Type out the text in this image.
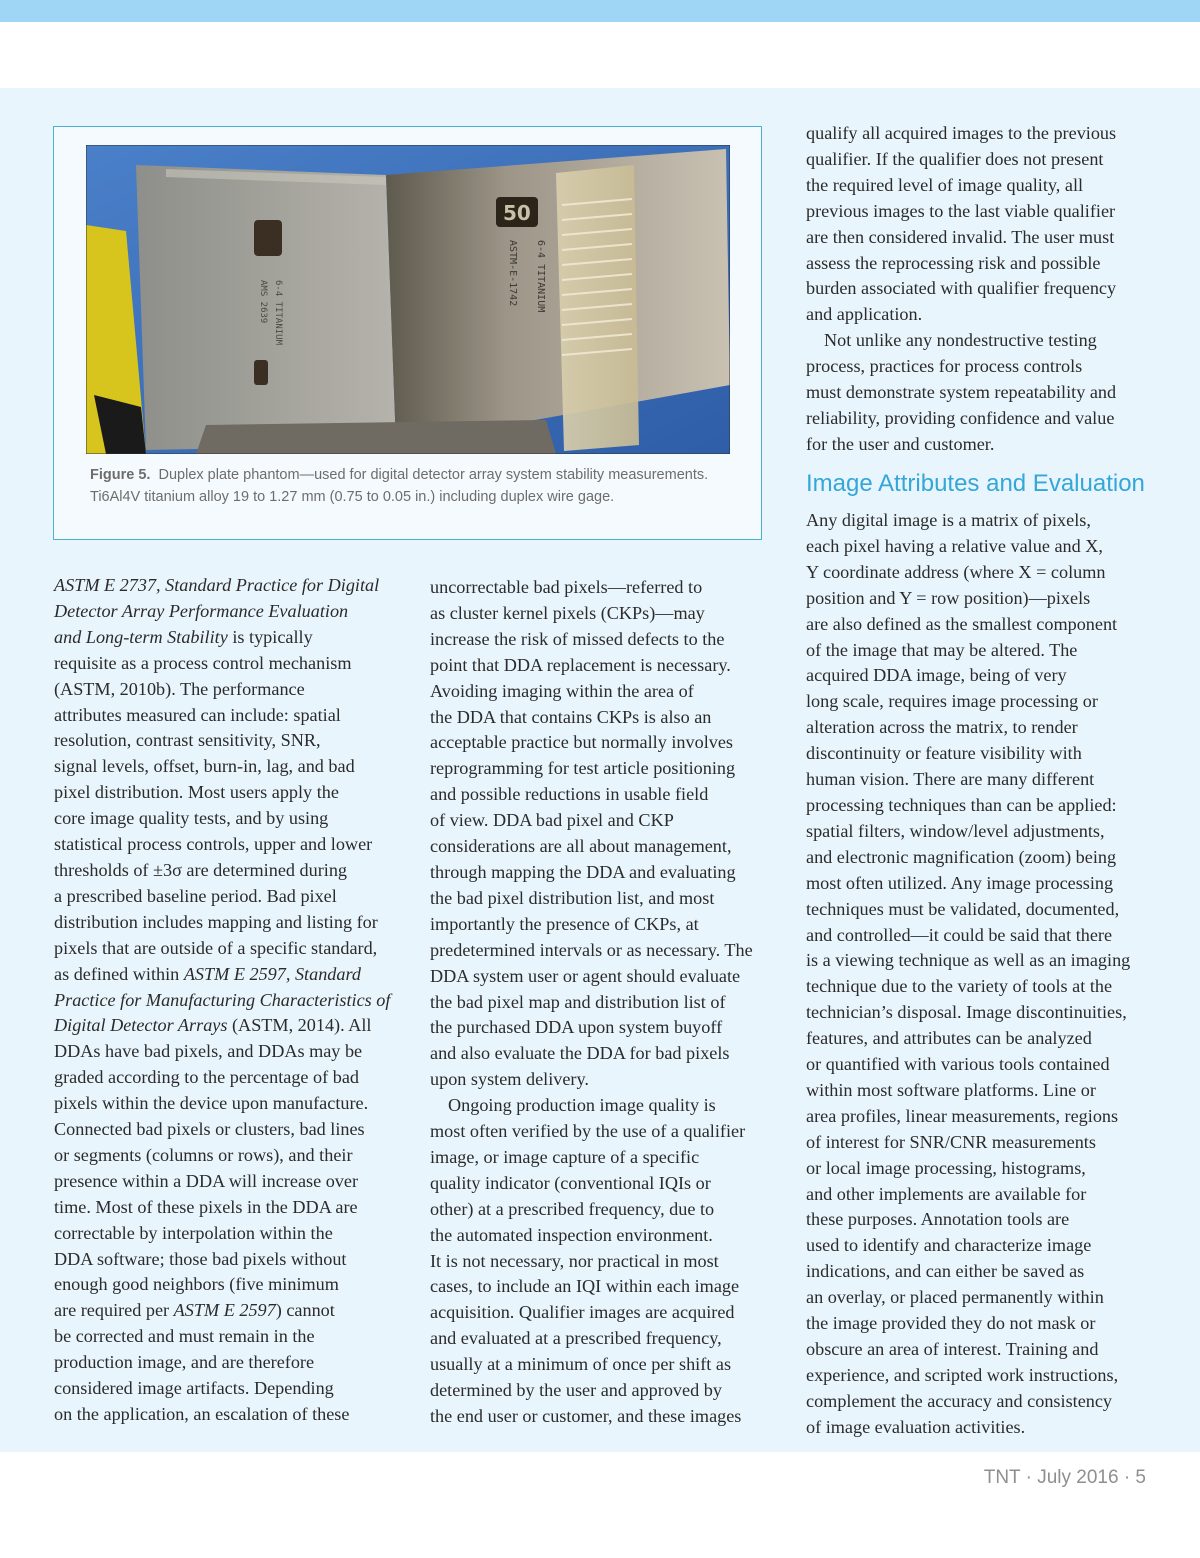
6-4 TITANIUM
AMS 2639
50
6-4 TITANIUM
ASTM-E-1742
Figure 5. Duplex plate phantom—used for digital detector array system stability measurements. Ti6Al4V titanium alloy 19 to 1.27 mm (0.75 to 0.05 in.) including duplex wire gage.
ASTM E 2737, Standard Practice for Digital
Detector Array Performance Evaluation
and Long-term Stability is typically
requisite as a process control mechanism
(ASTM, 2010b). The performance
attributes measured can include: spatial
resolution, contrast sensitivity, SNR,
signal levels, offset, burn-in, lag, and bad
pixel distribution. Most users apply the
core image quality tests, and by using
statistical process controls, upper and lower
thresholds of ±3σ are determined during
a prescribed baseline period. Bad pixel
distribution includes mapping and listing for
pixels that are outside of a specific standard,
as defined within ASTM E 2597, Standard
Practice for Manufacturing Characteristics of
Digital Detector Arrays (ASTM, 2014). All
DDAs have bad pixels, and DDAs may be
graded according to the percentage of bad
pixels within the device upon manufacture.
Connected bad pixels or clusters, bad lines
or segments (columns or rows), and their
presence within a DDA will increase over
time. Most of these pixels in the DDA are
correctable by interpolation within the
DDA software; those bad pixels without
enough good neighbors (five minimum
are required per ASTM E 2597) cannot
be corrected and must remain in the
production image, and are therefore
considered image artifacts. Depending
on the application, an escalation of these
uncorrectable bad pixels—referred to
as cluster kernel pixels (CKPs)—may
increase the risk of missed defects to the
point that DDA replacement is necessary.
Avoiding imaging within the area of
the DDA that contains CKPs is also an
acceptable practice but normally involves
reprogramming for test article positioning
and possible reductions in usable field
of view. DDA bad pixel and CKP
considerations are all about management,
through mapping the DDA and evaluating
the bad pixel distribution list, and most
importantly the presence of CKPs, at
predetermined intervals or as necessary. The
DDA system user or agent should evaluate
the bad pixel map and distribution list of
the purchased DDA upon system buyoff
and also evaluate the DDA for bad pixels
upon system delivery.
Ongoing production image quality is
most often verified by the use of a qualifier
image, or image capture of a specific
quality indicator (conventional IQIs or
other) at a prescribed frequency, due to
the automated inspection environment.
It is not necessary, nor practical in most
cases, to include an IQI within each image
acquisition. Qualifier images are acquired
and evaluated at a prescribed frequency,
usually at a minimum of once per shift as
determined by the user and approved by
the end user or customer, and these images
qualify all acquired images to the previous
qualifier. If the qualifier does not present
the required level of image quality, all
previous images to the last viable qualifier
are then considered invalid. The user must
assess the reprocessing risk and possible
burden associated with qualifier frequency
and application.
Not unlike any nondestructive testing
process, practices for process controls
must demonstrate system repeatability and
reliability, providing confidence and value
for the user and customer.
Image Attributes and Evaluation
Any digital image is a matrix of pixels,
each pixel having a relative value and X,
Y coordinate address (where X = column
position and Y = row position)—pixels
are also defined as the smallest component
of the image that may be altered. The
acquired DDA image, being of very
long scale, requires image processing or
alteration across the matrix, to render
discontinuity or feature visibility with
human vision. There are many different
processing techniques than can be applied:
spatial filters, window/level adjustments,
and electronic magnification (zoom) being
most often utilized. Any image processing
techniques must be validated, documented,
and controlled—it could be said that there
is a viewing technique as well as an imaging
technique due to the variety of tools at the
technician’s disposal. Image discontinuities,
features, and attributes can be analyzed
or quantified with various tools contained
within most software platforms. Line or
area profiles, linear measurements, regions
of interest for SNR/CNR measurements
or local image processing, histograms,
and other implements are available for
these purposes. Annotation tools are
used to identify and characterize image
indications, and can either be saved as
an overlay, or placed permanently within
the image provided they do not mask or
obscure an area of interest. Training and
experience, and scripted work instructions,
complement the accuracy and consistency
of image evaluation activities.
TNT · July 2016 · 5
